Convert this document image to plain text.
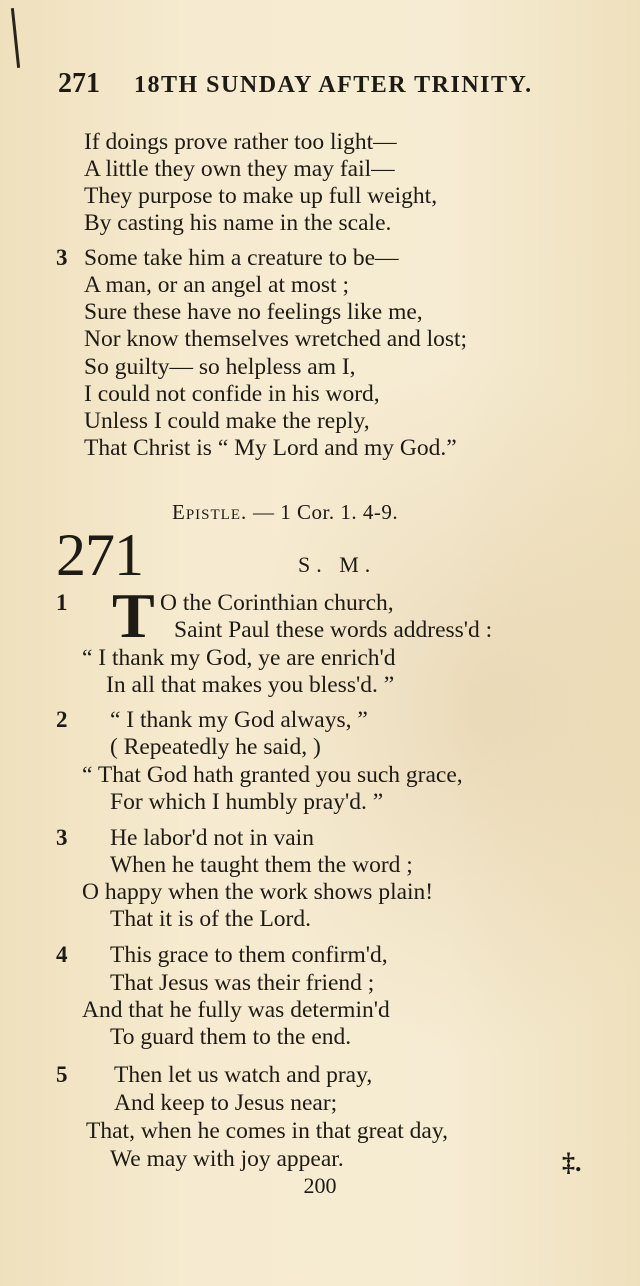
271 18TH SUNDAY AFTER TRINITY.
If doings prove rather too light—
A little they own they may fail—
They purpose to make up full weight,
By casting his name in the scale.
3 Some take him a creature to be—
A man, or an angel at most ;
Sure these have no feelings like me,
Nor know themselves wretched and lost;
So guilty— so helpless am I,
I could not confide in his word,
Unless I could make the reply,
That Christ is “ My Lord and my God.”
Epistle. — 1 Cor. 1. 4-9.
271	S. M.
1 T O the Corinthian church,
Saint Paul these words address'd :
“ I thank my God, ye are enrich'd
In all that makes you bless'd. ”
2 “ I thank my God always, ”
( Repeatedly he said, )
“ That God hath granted you such grace,
For which I humbly pray'd. ”
3 He labor'd not in vain
When he taught them the word ;
O happy when the work shows plain!
That it is of the Lord.
4 This grace to them confirm'd,
That Jesus was their friend ;
And that he fully was determin'd
To guard them to the end.
5 Then let us watch and pray,
And keep to Jesus near;
That, when he comes in that great day,
We may with joy appear.	‡.
200
